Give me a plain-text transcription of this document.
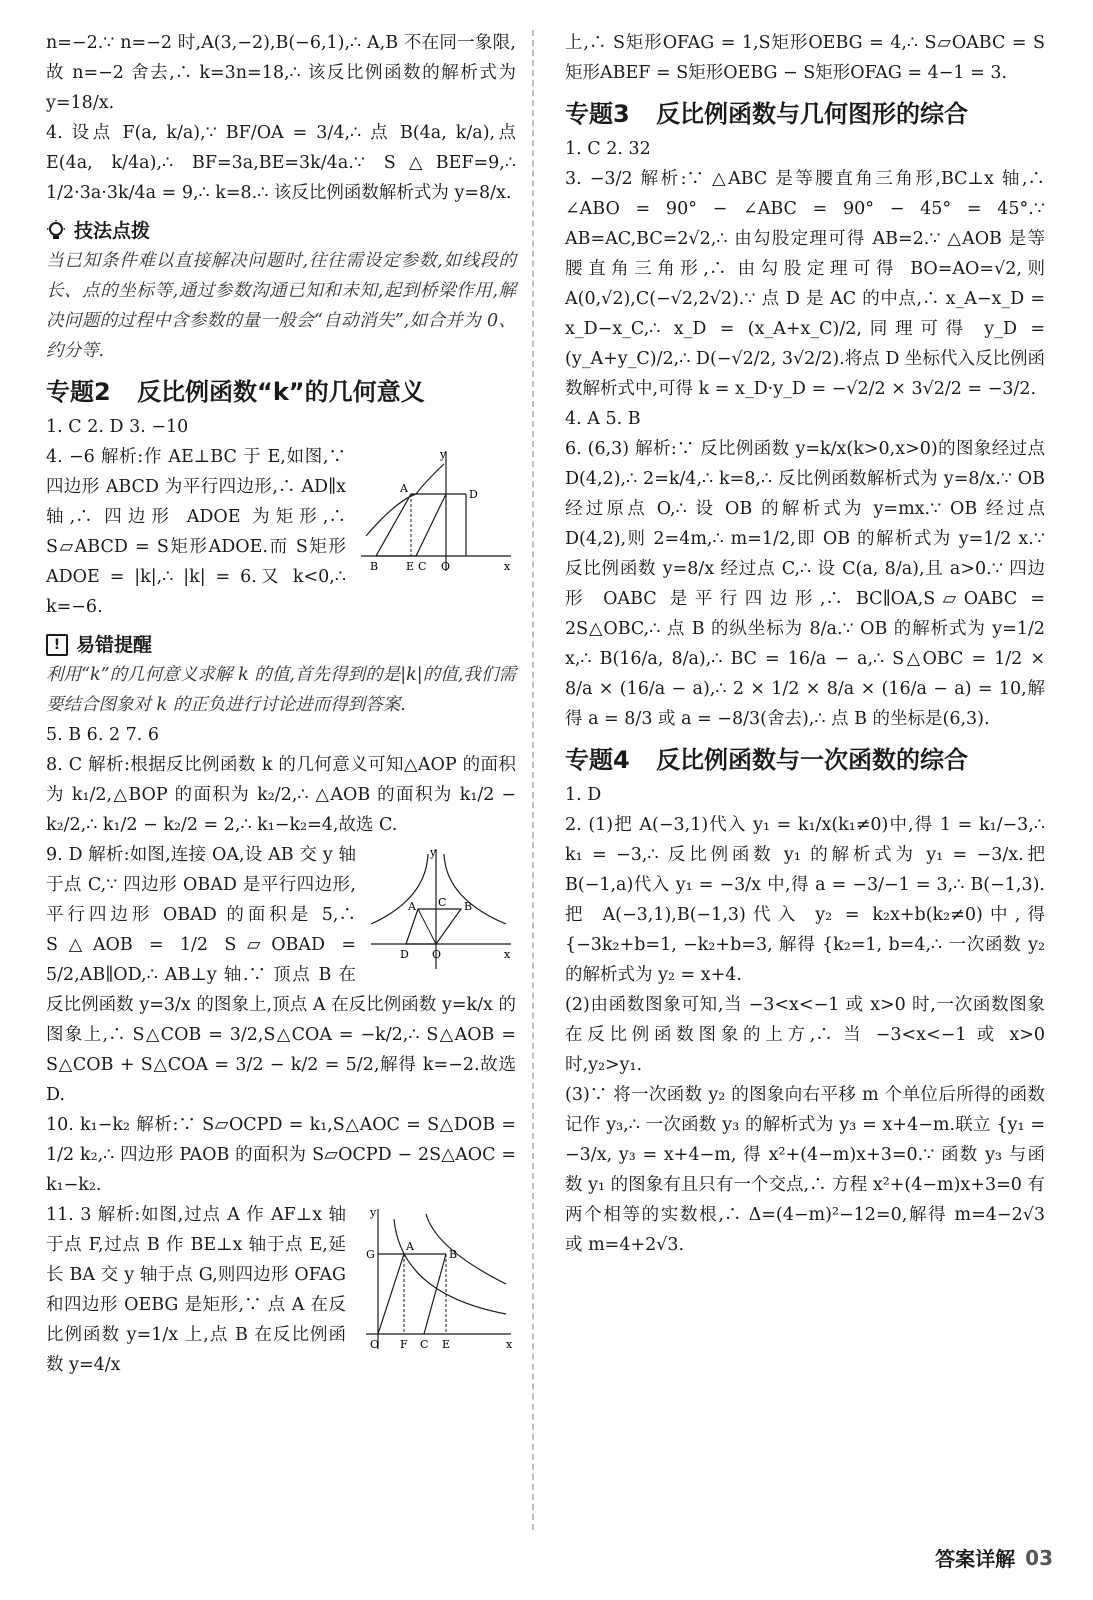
n=−2.∵ n=−2 时,A(3,−2),B(−6,1),∴ A,B 不在同一象限,故 n=−2 舍去,∴ k=3n=18,∴ 该反比例函数的解析式为 y=18/x.
4. 设点 F(a, k/a),∵ BF/OA = 3/4,∴ 点 B(4a, k/a),点 E(4a, k/4a),∴ BF=3a,BE=3k/4a.∵ S△BEF=9,∴ 1/2·3a·3k/4a = 9,∴ k=8.∴ 该反比例函数解析式为 y=8/x.
技法点拨
当已知条件难以直接解决问题时,往往需设定参数,如线段的长、点的坐标等,通过参数沟通已知和未知,起到桥梁作用,解决问题的过程中含参数的量一般会“自动消失”,如合并为 0、约分等.
专题2 反比例函数“k”的几何意义
1. C 2. D 3. −10
y
A	D
B	E C O	x
4. −6 解析:作 AE⊥BC 于 E,如图,∵ 四边形 ABCD 为平行四边形,∴ AD∥x 轴,∴ 四边形 ADOE 为矩形,∴ S▱ABCD = S矩形ADOE.而 S矩形ADOE = |k|,∴ |k| = 6.又 k<0,∴ k=−6.
! 易错提醒
利用“k”的几何意义求解 k 的值,首先得到的是|k|的值,我们需要结合图象对 k 的正负进行讨论进而得到答案.
5. B 6. 2 7. 6
8. C 解析:根据反比例函数 k 的几何意义可知△AOP 的面积为 k₁/2,△BOP 的面积为 k₂/2,∴ △AOB 的面积为 k₁/2 − k₂/2,∴ k₁/2 − k₂/2 = 2,∴ k₁−k₂=4,故选 C.
y
A C B
D O	x
9. D 解析:如图,连接 OA,设 AB 交 y 轴于点 C,∵ 四边形 OBAD 是平行四边形,平行四边形 OBAD 的面积是 5,∴ S△AOB = 1/2 S▱OBAD = 5/2,AB∥OD,∴ AB⊥y 轴.∵ 顶点 B 在反比例函数 y=3/x 的图象上,顶点 A 在反比例函数 y=k/x 的图象上,∴ S△COB = 3/2,S△COA = −k/2,∴ S△AOB = S△COB + S△COA = 3/2 − k/2 = 5/2,解得 k=−2.故选 D.
10. k₁−k₂ 解析:∵ S▱OCPD = k₁,S△AOC = S△DOB = 1/2 k₂,∴ 四边形 PAOB 的面积为 S▱OCPD − 2S△AOC = k₁−k₂.
y
G
A
B
O F C E	x
11. 3 解析:如图,过点 A 作 AF⊥x 轴于点 F,过点 B 作 BE⊥x 轴于点 E,延长 BA 交 y 轴于点 G,则四边形 OFAG 和四边形 OEBG 是矩形,∵ 点 A 在反比例函数 y=1/x 上,点 B 在反比例函数 y=4/x
上,∴ S矩形OFAG = 1,S矩形OEBG = 4,∴ S▱OABC = S矩形ABEF = S矩形OEBG − S矩形OFAG = 4−1 = 3.
专题3 反比例函数与几何图形的综合
1. C 2. 32
3. −3/2 解析:∵ △ABC 是等腰直角三角形,BC⊥x 轴,∴ ∠ABO = 90° − ∠ABC = 90° − 45° = 45°.∵ AB=AC,BC=2√2,∴ 由勾股定理可得 AB=2.∵ △AOB 是等腰直角三角形,∴ 由勾股定理可得 BO=AO=√2,则 A(0,√2),C(−√2,2√2).∵ 点 D 是 AC 的中点,∴ x_A−x_D = x_D−x_C,∴ x_D = (x_A+x_C)/2,同理可得 y_D = (y_A+y_C)/2,∴ D(−√2/2, 3√2/2).将点 D 坐标代入反比例函数解析式中,可得 k = x_D·y_D = −√2/2 × 3√2/2 = −3/2.
4. A 5. B
6. (6,3) 解析:∵ 反比例函数 y=k/x(k>0,x>0)的图象经过点 D(4,2),∴ 2=k/4,∴ k=8,∴ 反比例函数解析式为 y=8/x.∵ OB 经过原点 O,∴ 设 OB 的解析式为 y=mx.∵ OB 经过点 D(4,2),则 2=4m,∴ m=1/2,即 OB 的解析式为 y=1/2 x.∵ 反比例函数 y=8/x 经过点 C,∴ 设 C(a, 8/a),且 a>0.∵ 四边形 OABC 是平行四边形,∴ BC∥OA,S▱OABC = 2S△OBC,∴ 点 B 的纵坐标为 8/a.∵ OB 的解析式为 y=1/2 x,∴ B(16/a, 8/a),∴ BC = 16/a − a,∴ S△OBC = 1/2 × 8/a × (16/a − a),∴ 2 × 1/2 × 8/a × (16/a − a) = 10,解得 a = 8/3 或 a = −8/3(舍去),∴ 点 B 的坐标是(6,3).
专题4 反比例函数与一次函数的综合
1. D
2. (1)把 A(−3,1)代入 y₁ = k₁/x(k₁≠0)中,得 1 = k₁/−3,∴ k₁ = −3,∴ 反比例函数 y₁ 的解析式为 y₁ = −3/x.把 B(−1,a)代入 y₁ = −3/x 中,得 a = −3/−1 = 3,∴ B(−1,3).把 A(−3,1),B(−1,3)代入 y₂ = k₂x+b(k₂≠0)中,得 {−3k₂+b=1, −k₂+b=3, 解得 {k₂=1, b=4,∴ 一次函数 y₂ 的解析式为 y₂ = x+4.
(2)由函数图象可知,当 −3<x<−1 或 x>0 时,一次函数图象在反比例函数图象的上方,∴ 当 −3<x<−1 或 x>0 时,y₂>y₁.
(3)∵ 将一次函数 y₂ 的图象向右平移 m 个单位后所得的函数记作 y₃,∴ 一次函数 y₃ 的解析式为 y₃ = x+4−m.联立 {y₁ = −3/x, y₃ = x+4−m, 得 x²+(4−m)x+3=0.∵ 函数 y₃ 与函数 y₁ 的图象有且只有一个交点,∴ 方程 x²+(4−m)x+3=0 有两个相等的实数根,∴ Δ=(4−m)²−12=0,解得 m=4−2√3 或 m=4+2√3.
答案详解 03
